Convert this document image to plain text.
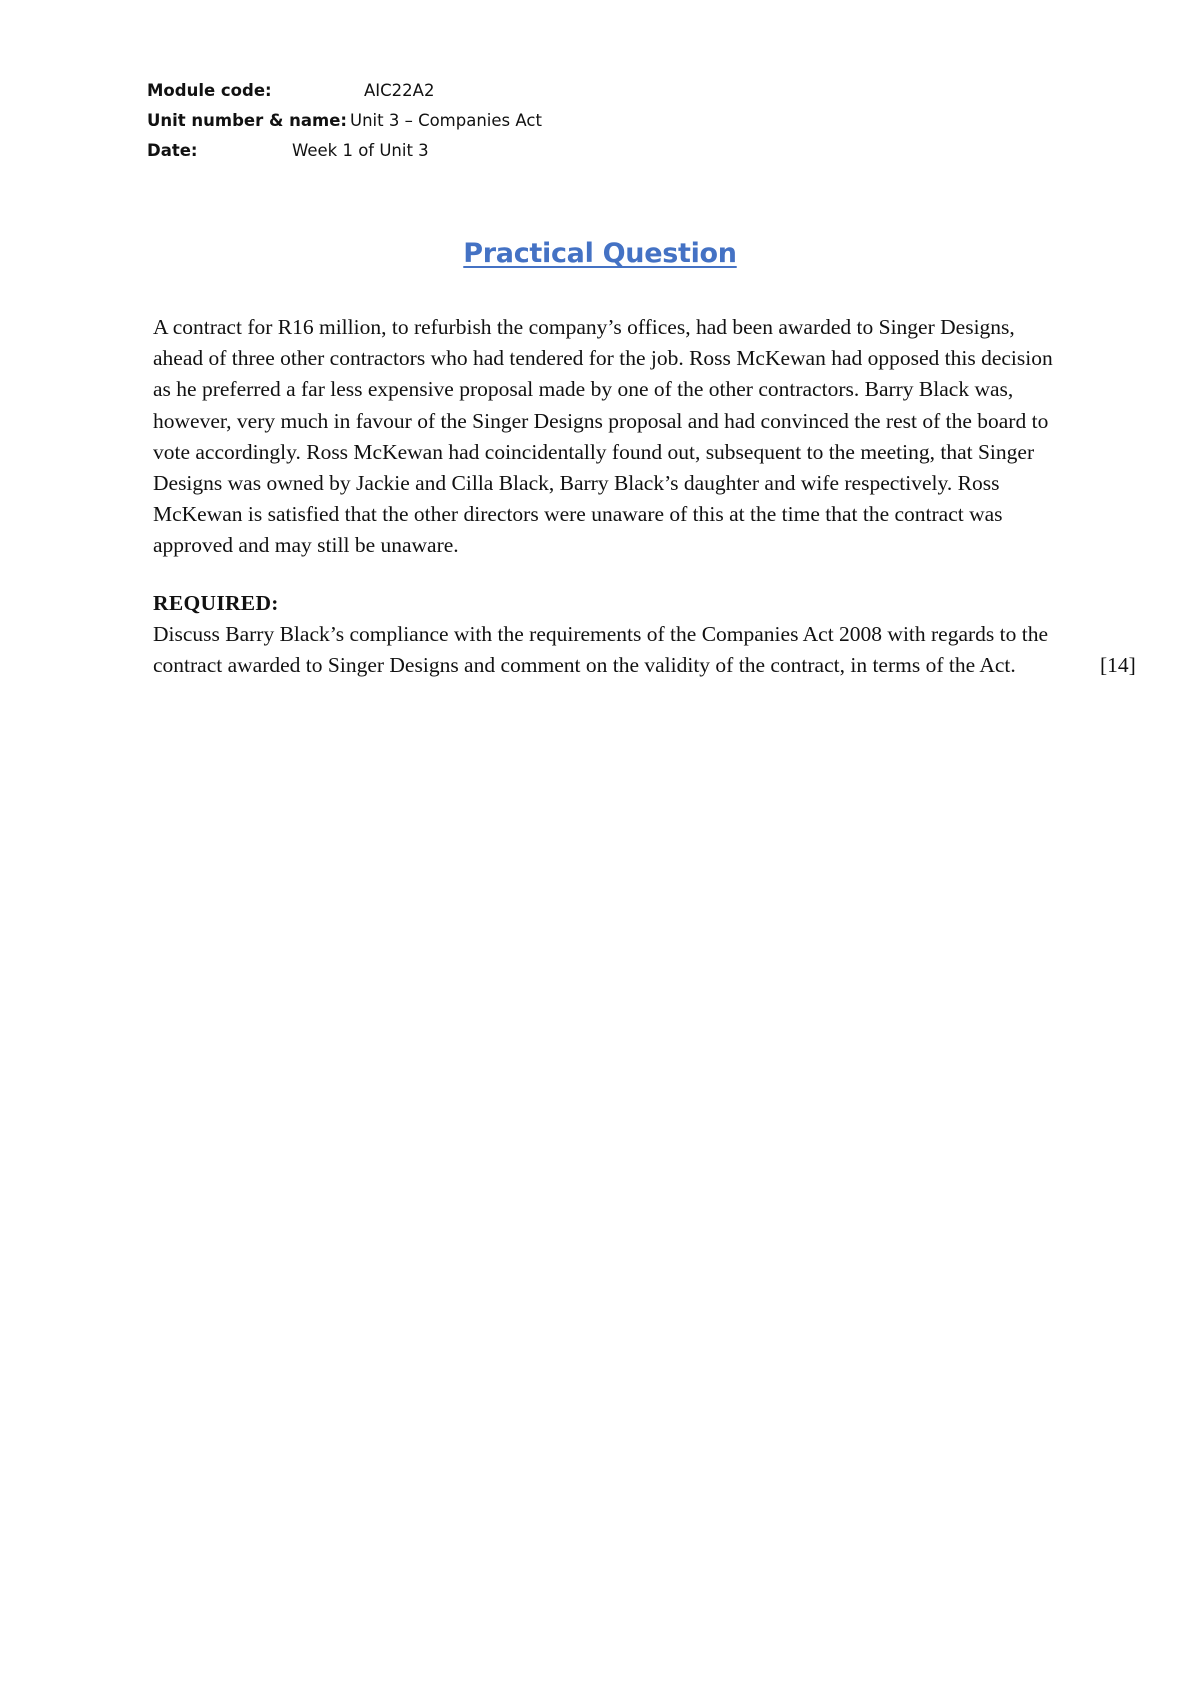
Module code:	AIC22A2
Unit number & name: Unit 3 – Companies Act
Date:	Week 1 of Unit 3
Practical Question

A contract for R16 million, to refurbish the company’s offices, had been awarded to Singer Designs, ahead of three other contractors who had tendered for the job. Ross McKewan had opposed this decision as he preferred a far less expensive proposal made by one of the other contractors. Barry Black was, however, very much in favour of the Singer Designs proposal and had convinced the rest of the board to vote accordingly. Ross McKewan had coincidentally found out, subsequent to the meeting, that Singer Designs was owned by Jackie and Cilla Black, Barry Black’s daughter and wife respectively. Ross McKewan is satisfied that the other directors were unaware of this at the time that the contract was approved and may still be unaware.

REQUIRED:

Discuss Barry Black’s compliance with the requirements of the Companies Act 2008 with regards to the contract awarded to Singer Designs and comment on the validity of the contract, in terms of the Act.	[14]
